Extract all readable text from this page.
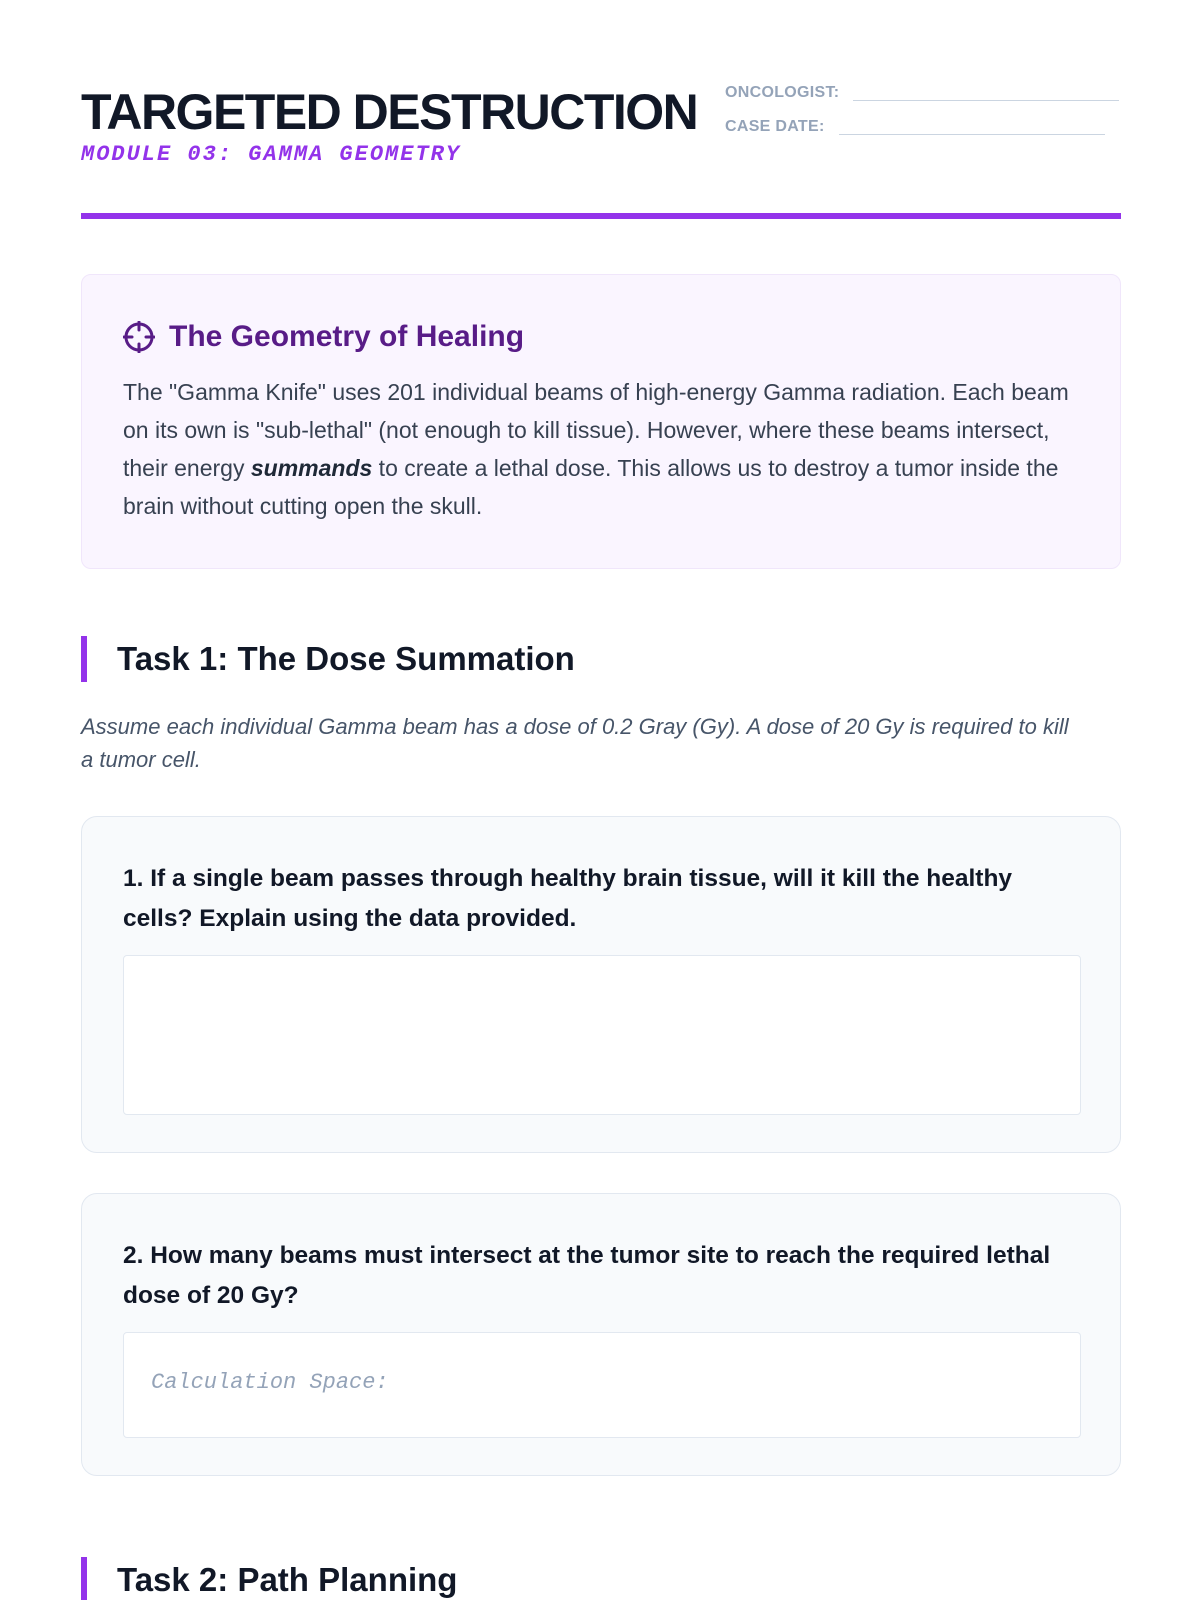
TARGETED DESTRUCTION
MODULE 03: GAMMA GEOMETRY
ONCOLOGIST:
CASE DATE:
The Geometry of Healing

The "Gamma Knife" uses 201 individual beams of high-energy Gamma radiation. Each beam on its own is "sub-lethal" (not enough to kill tissue). However, where these beams intersect, their energy summands to create a lethal dose. This allows us to destroy a tumor inside the brain without cutting open the skull.

Task 1: The Dose Summation

Assume each individual Gamma beam has a dose of 0.2 Gray (Gy). A dose of 20 Gy is required to kill a tumor cell.

1. If a single beam passes through healthy brain tissue, will it kill the healthy cells? Explain using the data provided.

2. How many beams must intersect at the tumor site to reach the required lethal dose of 20 Gy?

Calculation Space:
Task 2: Path Planning
